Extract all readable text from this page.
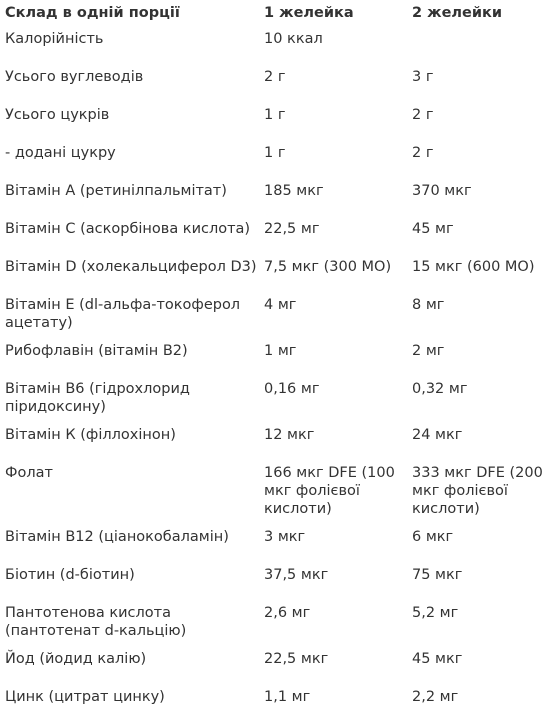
Склад в одній порції	1 желейка	2 желейки
Калорійність	10 ккал	
Усього вуглеводів	2 г	3 г
Усього цукрів	1 г	2 г
- додані цукру	1 г	2 г
Вітамін А (ретинілпальмітат)	185 мкг	370 мкг
Вітамін С (аскорбінова кислота)	22,5 мг	45 мг
Вітамін D (холекальциферол D3)	7,5 мкг (300 МО)	15 мкг (600 МО)
Вітамін Е (dl-альфа-токоферол ацетату)	4 мг	8 мг
Рибофлавін (вітамін В2)	1 мг	2 мг
Вітамін В6 (гідрохлорид піридоксину)	0,16 мг	0,32 мг
Вітамін К (філлохінон)	12 мкг	24 мкг
Фолат	166 мкг DFE (100 мкг фолієвої кислоти)	333 мкг DFE (200 мкг фолієвої кислоти)
Вітамін В12 (ціанокобаламін)	3 мкг	6 мкг
Біотин (d-біотин)	37,5 мкг	75 мкг
Пантотенова кислота (пантотенат d-кальцію)	2,6 мг	5,2 мг
Йод (йодид калію)	22,5 мкг	45 мкг
Цинк (цитрат цинку)	1,1 мг	2,2 мг
